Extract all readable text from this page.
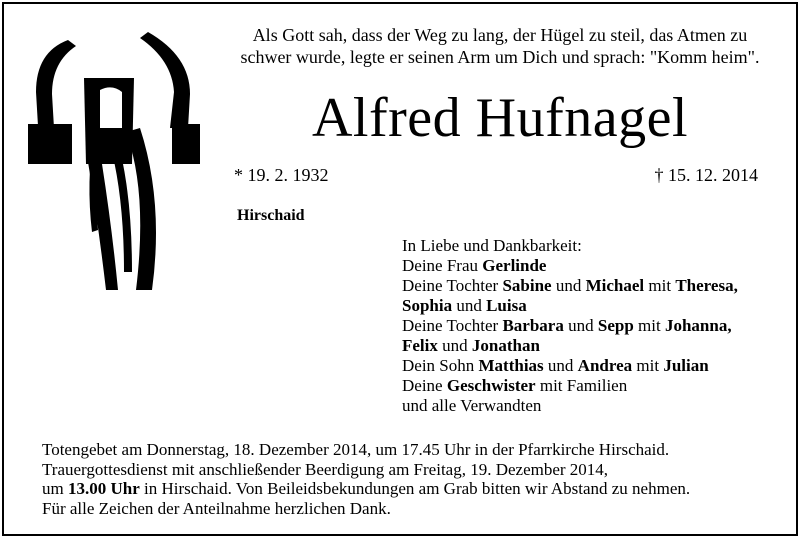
Als Gott sah, dass der Weg zu lang, der Hügel zu steil, das Atmen zu
schwer wurde, legte er seinen Arm um Dich und sprach: "Komm heim".
Alfred Hufnagel
* 19. 2. 1932	† 15. 12. 2014
Hirschaid
In Liebe und Dankbarkeit:
Deine Frau Gerlinde
Deine Tochter Sabine und Michael mit Theresa,
Sophia und Luisa
Deine Tochter Barbara und Sepp mit Johanna,
Felix und Jonathan
Dein Sohn Matthias und Andrea mit Julian
Deine Geschwister mit Familien
und alle Verwandten
Totengebet am Donnerstag, 18. Dezember 2014, um 17.45 Uhr in der Pfarrkirche Hirschaid.
Trauergottesdienst mit anschließender Beerdigung am Freitag, 19. Dezember 2014,
um 13.00 Uhr in Hirschaid. Von Beileidsbekundungen am Grab bitten wir Abstand zu nehmen.
Für alle Zeichen der Anteilnahme herzlichen Dank.
